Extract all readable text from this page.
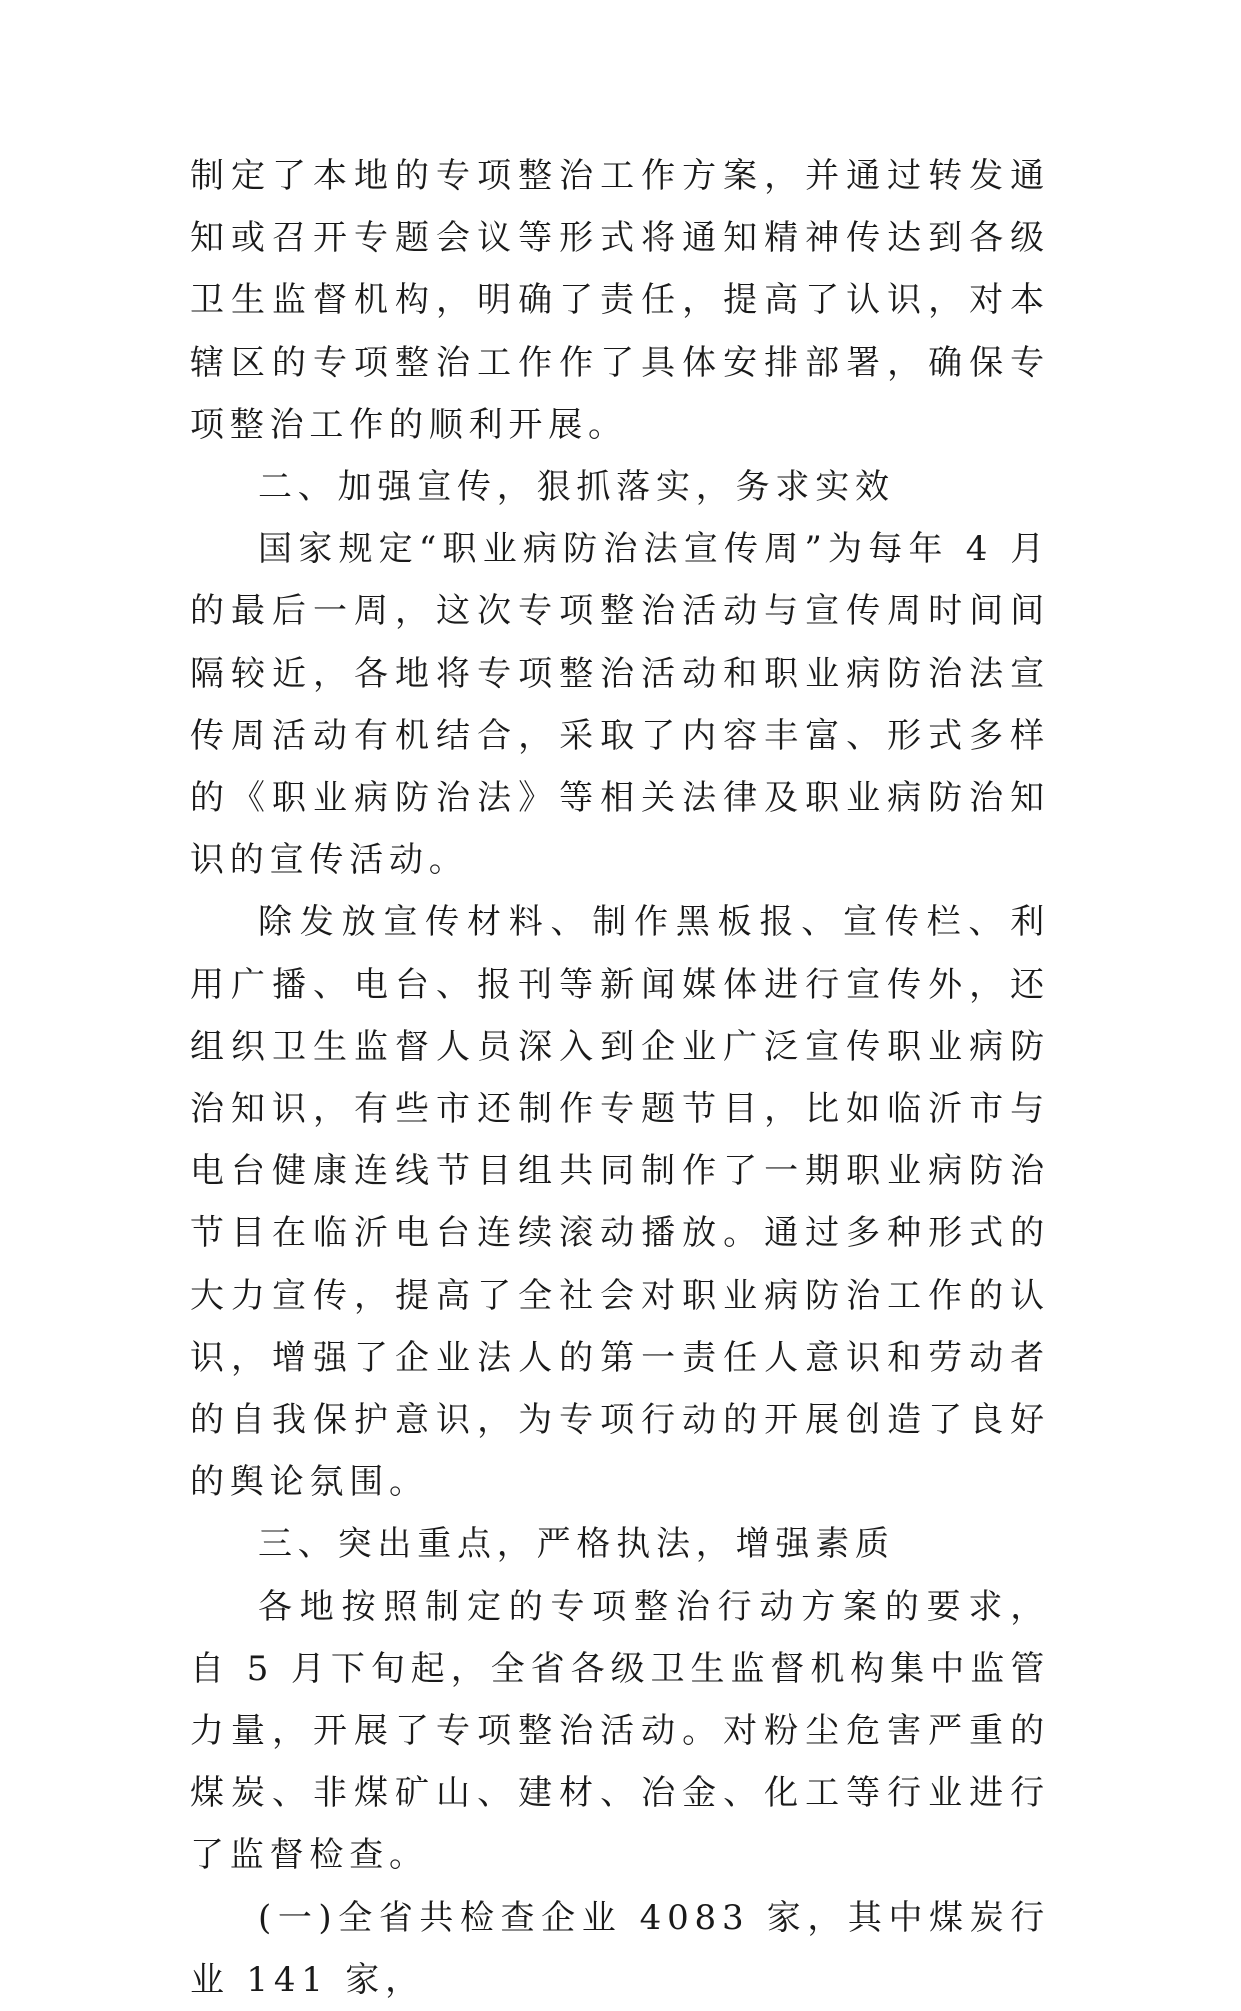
制定了本地的专项整治工作方案，并通过转发通知或召开专题会议等形式将通知精神传达到各级卫生监督机构，明确了责任，提高了认识，对本辖区的专项整治工作作了具体安排部署，确保专项整治工作的顺利开展。

二、加强宣传，狠抓落实，务求实效

国家规定“职业病防治法宣传周”为每年 4 月的最后一周，这次专项整治活动与宣传周时间间隔较近，各地将专项整治活动和职业病防治法宣传周活动有机结合，采取了内容丰富、形式多样的《职业病防治法》等相关法律及职业病防治知识的宣传活动。

除发放宣传材料、制作黑板报、宣传栏、利用广播、电台、报刊等新闻媒体进行宣传外，还组织卫生监督人员深入到企业广泛宣传职业病防治知识，有些市还制作专题节目，比如临沂市与电台健康连线节目组共同制作了一期职业病防治节目在临沂电台连续滚动播放。通过多种形式的大力宣传，提高了全社会对职业病防治工作的认识，增强了企业法人的第一责任人意识和劳动者的自我保护意识，为专项行动的开展创造了良好的舆论氛围。

三、突出重点，严格执法，增强素质

各地按照制定的专项整治行动方案的要求，自 5 月下旬起，全省各级卫生监督机构集中监管力量，开展了专项整治活动。对粉尘危害严重的煤炭、非煤矿山、建材、冶金、化工等行业进行了监督检查。

(一)全省共检查企业 4083 家，其中煤炭行业 141 家，
